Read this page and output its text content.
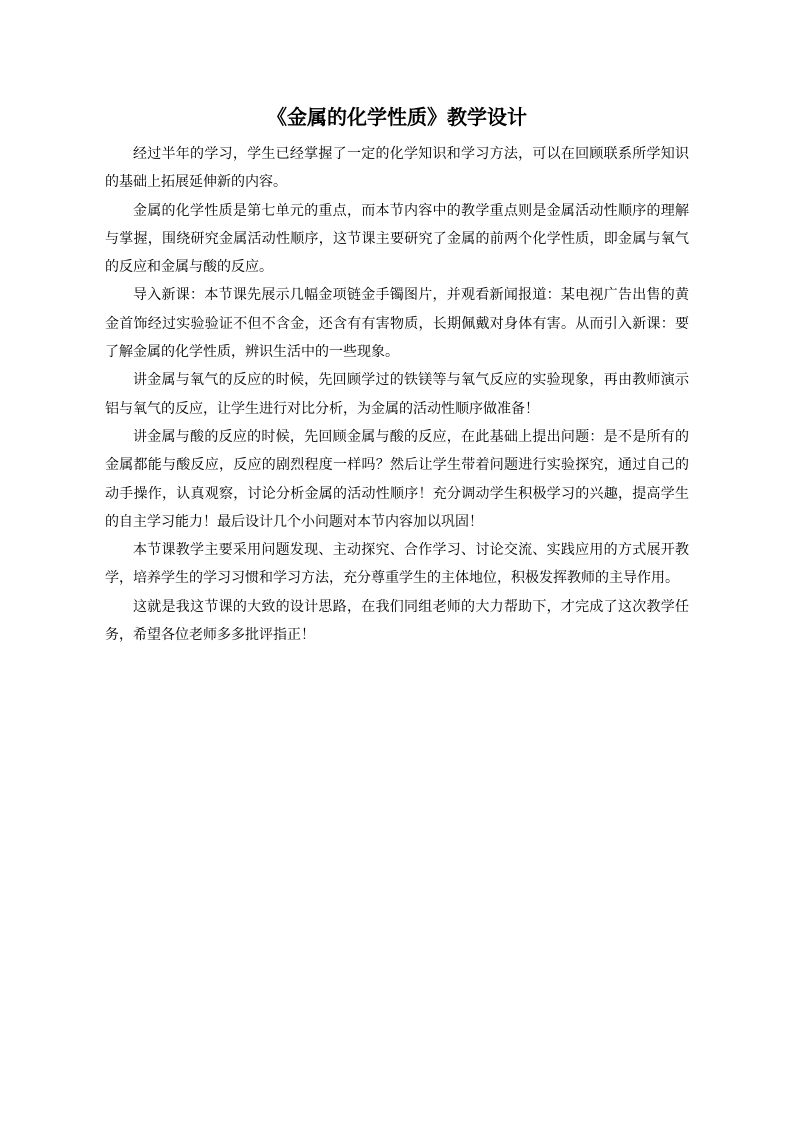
《金属的化学性质》教学设计

经过半年的学习，学生已经掌握了一定的化学知识和学习方法，可以在回顾联系所学知识的基础上拓展延伸新的内容。

金属的化学性质是第七单元的重点，而本节内容中的教学重点则是金属活动性顺序的理解与掌握，围绕研究金属活动性顺序，这节课主要研究了金属的前两个化学性质，即金属与氧气的反应和金属与酸的反应。

导入新课：本节课先展示几幅金项链金手镯图片，并观看新闻报道：某电视广告出售的黄金首饰经过实验验证不但不含金，还含有有害物质，长期佩戴对身体有害。从而引入新课：要了解金属的化学性质，辨识生活中的一些现象。

讲金属与氧气的反应的时候，先回顾学过的铁镁等与氧气反应的实验现象，再由教师演示铝与氧气的反应，让学生进行对比分析，为金属的活动性顺序做准备！

讲金属与酸的反应的时候，先回顾金属与酸的反应，在此基础上提出问题：是不是所有的金属都能与酸反应，反应的剧烈程度一样吗？然后让学生带着问题进行实验探究，通过自己的动手操作，认真观察，讨论分析金属的活动性顺序！充分调动学生积极学习的兴趣，提高学生的自主学习能力！最后设计几个小问题对本节内容加以巩固！

本节课教学主要采用问题发现、主动探究、合作学习、讨论交流、实践应用的方式展开教学，培养学生的学习习惯和学习方法，充分尊重学生的主体地位，积极发挥教师的主导作用。

这就是我这节课的大致的设计思路，在我们同组老师的大力帮助下，才完成了这次教学任务，希望各位老师多多批评指正！
